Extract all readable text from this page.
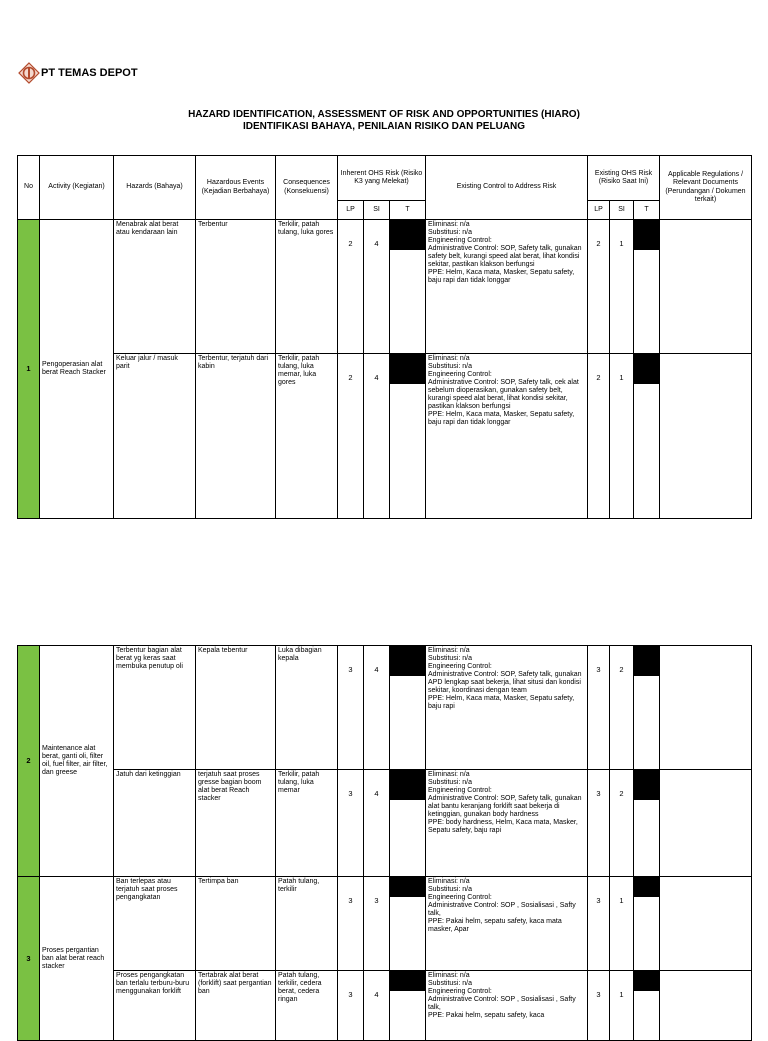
PT TEMAS DEPOT
HAZARD IDENTIFICATION, ASSESSMENT OF RISK AND OPPORTUNITIES (HIARO)
IDENTIFIKASI BAHAYA, PENILAIAN RISIKO DAN PELUANG
No	Activity (Kegiatan)	Hazards (Bahaya)	Hazardous Events (Kejadian Berbahaya)	Consequences (Konsekuensi)	Inherent OHS Risk (Risiko K3 yang Melekat)			Existing Control to Address Risk	Existing OHS Risk (Risiko Saat Ini)			Applicable Regulations / Relevant Documents (Perundangan / Dokumen terkait)
					LP	SI	T		LP	SI	T	
1	Pengoperasian alat berat Reach Stacker	Menabrak alat berat atau kendaraan lain	Terbentur	Terkilir, patah tulang, luka gores	2	4		Eliminasi: n/a
Substitusi: n/a
Engineering Control:
Administrative Control: SOP, Safety talk, gunakan safety belt, kurangi speed alat berat, lihat kondisi sekitar, pastikan klakson berfungsi
PPE: Helm, Kaca mata, Masker, Sepatu safety, baju rapi dan tidak longgar	2	1	

		Keluar jalur / masuk parit	Terbentur, terjatuh dari kabin	Terkilir, patah tulang, luka memar, luka gores	2	4		Eliminasi: n/a
Substitusi: n/a
Engineering Control:
Administrative Control: SOP, Safety talk, cek alat sebelum dioperasikan, gunakan safety belt, kurangi speed alat berat, lihat kondisi sekitar, pastikan klakson berfungsi
PPE: Helm, Kaca mata, Masker, Sepatu safety, baju rapi dan tidak longgar	2	1	

2	Maintenance alat berat, ganti oli, filter oil, fuel filter, air filter, dan greese	Terbentur bagian alat berat yg keras saat membuka penutup oli	Kepala tebentur	Luka dibagian kepala	3	4		Eliminasi: n/a
Substitusi: n/a
Engineering Control:
Administrative Control: SOP, Safety talk, gunakan APD lengkap saat bekerja, lihat situsi dan kondisi sekitar, koordinasi dengan team
PPE: Helm, Kaca mata, Masker, Sepatu safety, baju rapi	3	2	

		Jatuh dari ketinggian	terjatuh saat proses gresse bagian boom alat berat Reach stacker	Terkilir, patah tulang, luka memar	3	4		Eliminasi: n/a
Substitusi: n/a
Engineering Control:
Administrative Control: SOP, Safety talk, gunakan alat bantu keranjang forklift saat bekerja di ketinggian, gunakan body hardness
PPE: body hardness, Helm, Kaca mata, Masker, Sepatu safety, baju rapi	3	2	

3	Proses pergantian ban alat berat reach stacker	Ban terlepas atau terjatuh saat proses pengangkatan	Tertimpa ban	Patah tulang, terkilir	3	3		Eliminasi: n/a
Substitusi: n/a
Engineering Control:
Administrative Control: SOP , Sosialisasi , Safty talk,
PPE: Pakai helm, sepatu safety, kaca mata masker, Apar	3	1	

		Proses pengangkatan ban terlalu terburu-buru menggunakan forklift	Tertabrak alat berat (forklift) saat pergantian ban	Patah tulang, terkilir, cedera berat, cedera ringan	3	4		Eliminasi: n/a
Substitusi: n/a
Engineering Control:
Administrative Control: SOP , Sosialisasi , Safty talk,
PPE: Pakai helm, sepatu safety, kaca	3	1	
